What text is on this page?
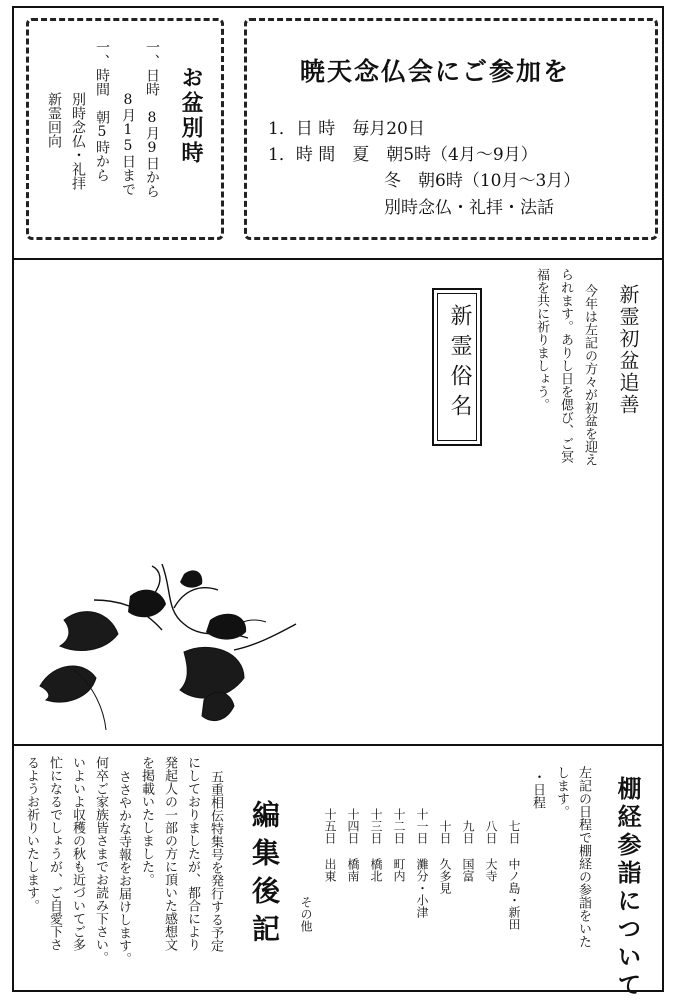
お盆別時
一、日時　8月9日から
8月15日まで
一、時間　朝5時から
別時念仏・礼拝
新霊回向
暁天念仏会にご参加を
1．日 時　毎月20日
1．時 間　夏　朝5時（4月～9月）
冬　朝6時（10月～3月）
別時念仏・礼拝・法話
新霊初盆追善
今年は左記の方々が初盆を迎え
られます。ありし日を偲び、ご冥
福を共に祈りましょう。
新霊俗名
棚経参詣について
左記の日程で棚経の参詣をいた
します。
・日程
七日
中ノ島・新田
八日
大寺
九日
国富
十日
久多見
十一日
灘分・小津
十二日
町内
十三日
橋北
十四日
橋南
十五日
出東
その他
編集後記
五重相伝特集号を発行する予定
にしておりましたが、都合により
発起人の一部の方に頂いた感想文
を掲載いたしました。
ささやかな寺報をお届けします。
何卒ご家族皆さまでお読み下さい。
いよいよ収穫の秋も近づいてご多
忙になるでしょうが、ご自愛下さ
るようお祈りいたします。
